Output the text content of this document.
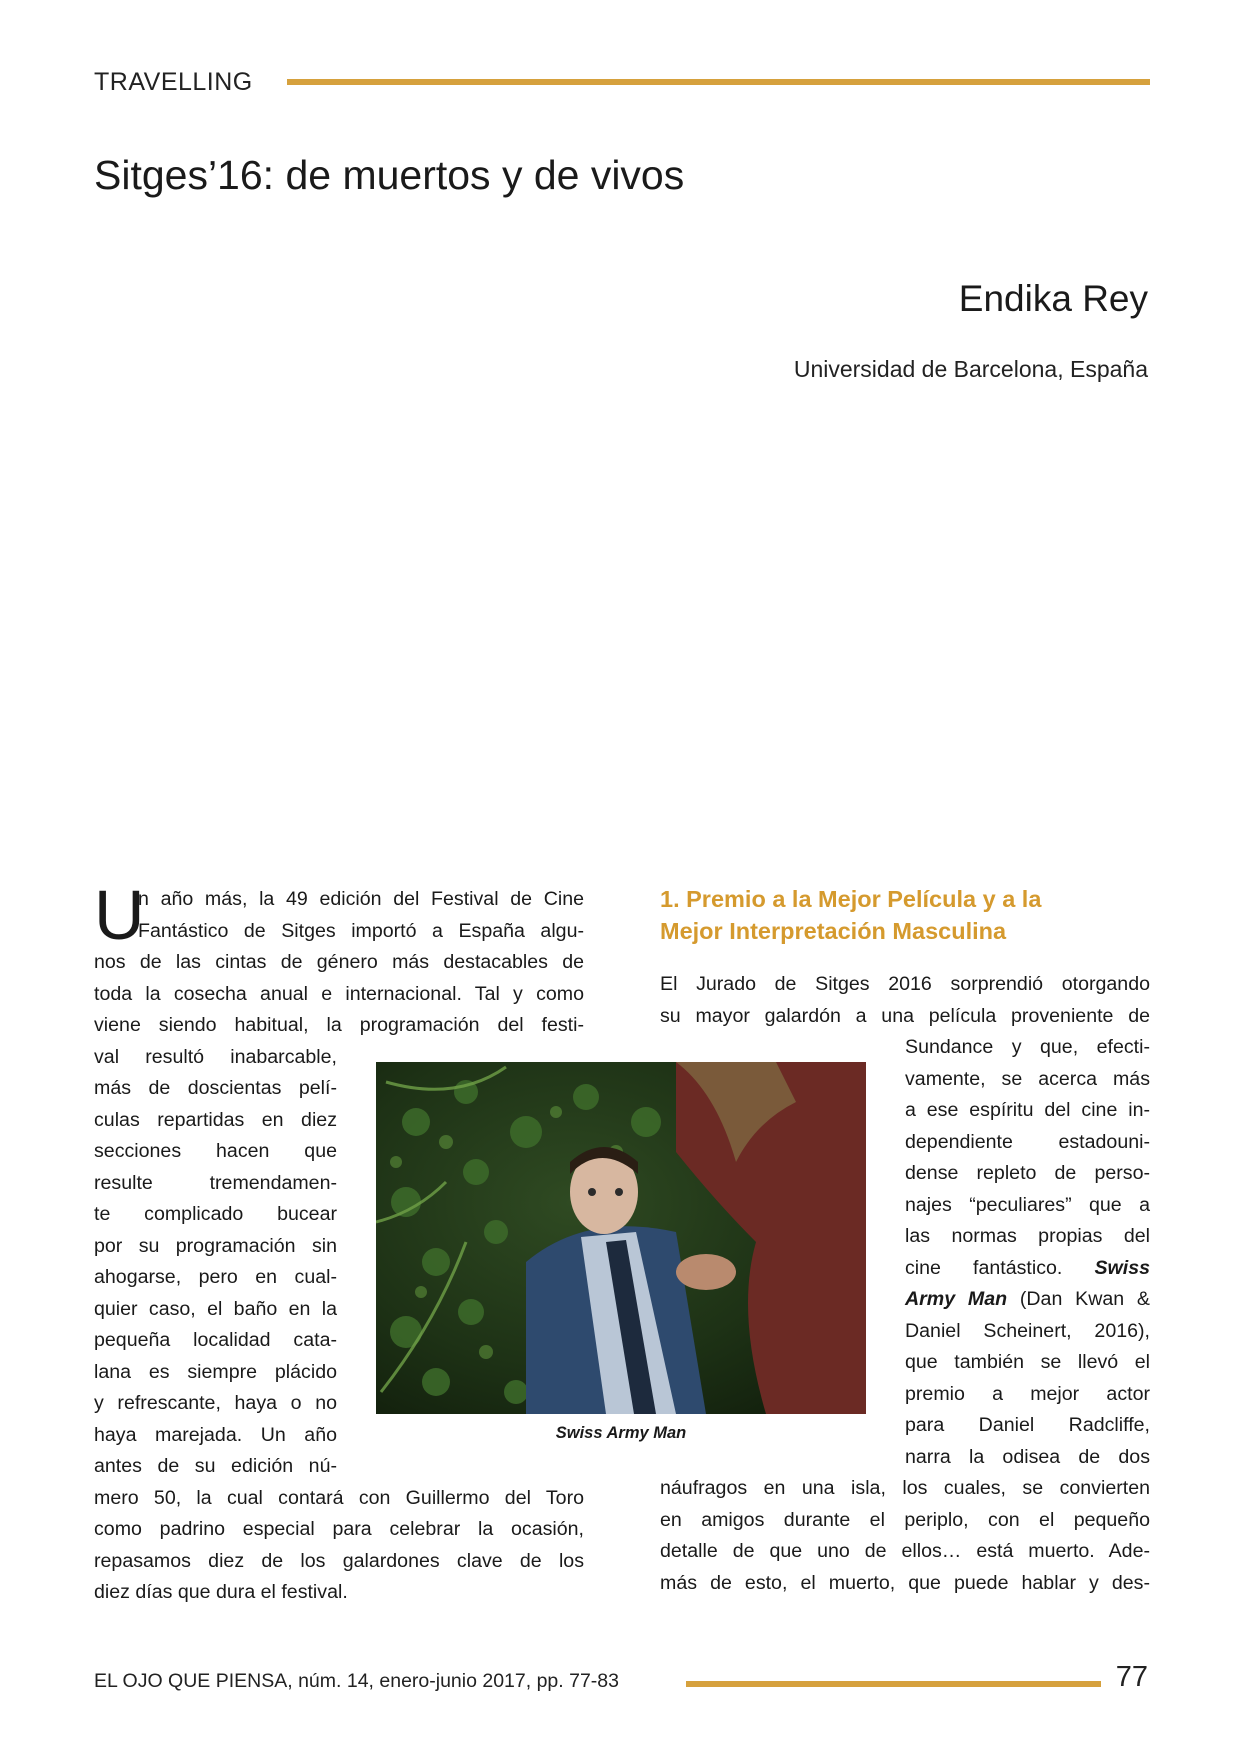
TRAVELLING
Sitges’16: de muertos y de vivos
Endika Rey
Universidad de Barcelona, España
U
n año más, la 49 edición del Festival de Cine
Fantástico de Sitges importó a España algu-
nos de las cintas de género más destacables de
toda la cosecha anual e internacional. Tal y como
viene siendo habitual, la programación del festi-
val resultó inabarcable,
más de doscientas pelí-
culas repartidas en diez
secciones hacen que
resulte tremendamen-
te complicado bucear
por su programación sin
ahogarse, pero en cual-
quier caso, el baño en la
pequeña localidad cata-
lana es siempre plácido
y refrescante, haya o no
haya marejada. Un año
antes de su edición nú-
mero 50, la cual contará con Guillermo del Toro
como padrino especial para celebrar la ocasión,
repasamos diez de los galardones clave de los
diez días que dura el festival.
1. Premio a la Mejor Película y a la
Mejor Interpretación Masculina
El Jurado de Sitges 2016 sorprendió otorgando
su mayor galardón a una película proveniente de
Sundance y que, efecti-
vamente, se acerca más
a ese espíritu del cine in-
dependiente estadouni-
dense repleto de perso-
najes “peculiares” que a
las normas propias del
cine fantástico. Swiss
Army Man (Dan Kwan &
Daniel Scheinert, 2016),
que también se llevó el
premio a mejor actor
para Daniel Radcliffe,
narra la odisea de dos
náufragos en una isla, los cuales, se convierten
en amigos durante el periplo, con el pequeño
detalle de que uno de ellos… está muerto. Ade-
más de esto, el muerto, que puede hablar y des-
Swiss Army Man
EL OJO QUE PIENSA, núm. 14, enero-junio 2017, pp. 77-83	77
